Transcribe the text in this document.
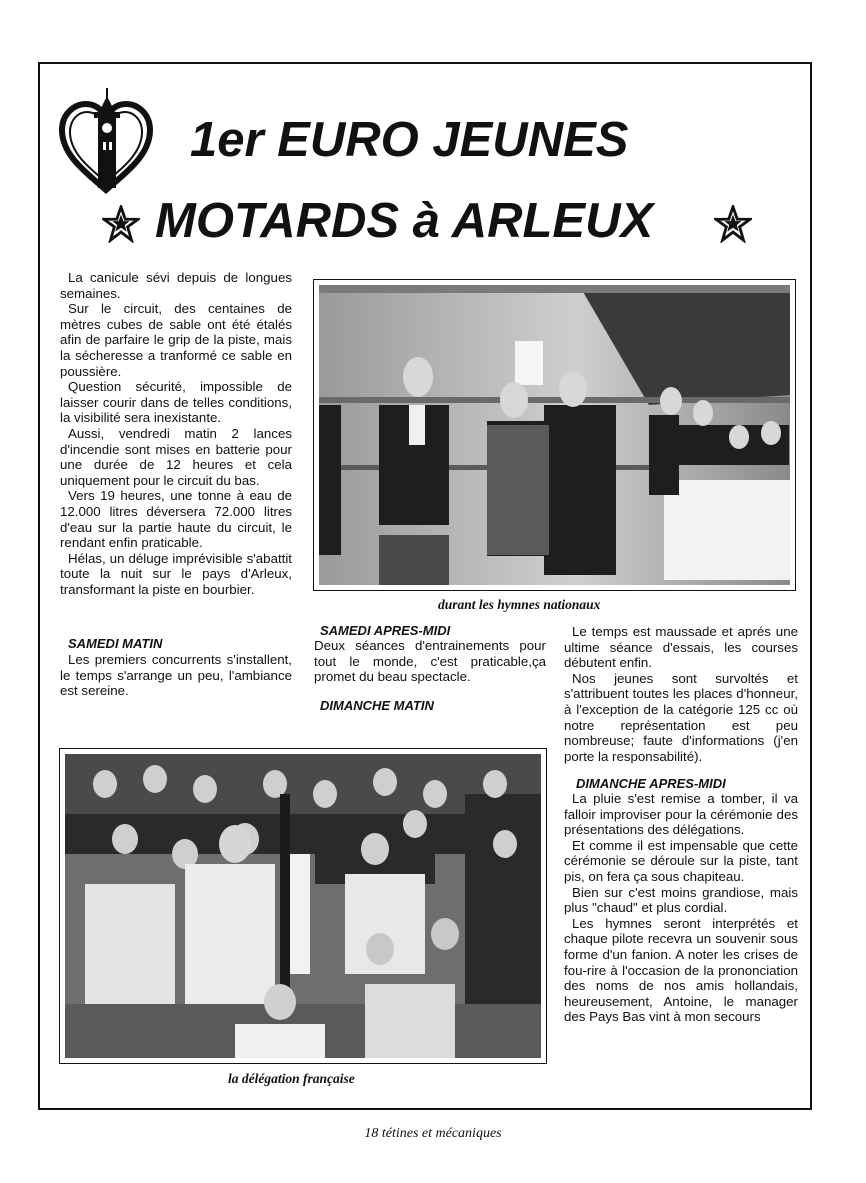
1er EURO JEUNES
MOTARDS à ARLEUX

La canicule sévi depuis de longues semaines.

Sur le circuit, des centaines de mètres cubes de sable ont été étalés afin de parfaire le grip de la piste, mais la sécheresse a tranformé ce sable en poussière.

Question sécurité, impossible de laisser courir dans de telles conditions, la visibilité sera inexistante.

Aussi, vendredi matin 2 lances d'incendie sont mises en batterie pour une durée de 12 heures et cela uniquement pour le circuit du bas.

Vers 19 heures, une tonne à eau de 12.000 litres déversera 72.000 litres d'eau sur la partie haute du circuit, le rendant enfin praticable.

Hélas, un déluge imprévisible s'abattit toute la nuit sur le pays d'Arleux, transformant la piste en bourbier.

durant les hymnes nationaux
SAMEDI MATIN

Les premiers concurrents s'installent, le temps s'arrange un peu, l'ambiance est sereine.

SAMEDI APRES-MIDI

Deux séances d'entrainements pour tout le monde, c'est praticable,ça promet du beau spectacle.

DIMANCHE MATIN

Le temps est maussade et aprés une ultime séance d'essais, les courses débutent enfin.

Nos jeunes sont survoltés et s'attribuent toutes les places d'honneur, à l'exception de la catégorie 125 cc où notre représentation est peu nombreuse; faute d'informations (j'en porte la responsabilité).

DIMANCHE APRES-MIDI

La pluie s'est remise a tomber, il va falloir improviser pour la cérémonie des présentations des délégations.

Et comme il est impensable que cette cérémonie se déroule sur la piste, tant pis, on fera ça sous chapiteau.

Bien sur c'est moins grandiose, mais plus "chaud" et plus cordial.

Les hymnes seront interprétés et chaque pilote recevra un souvenir sous forme d'un fanion. A noter les crises de fou-rire à l'occasion de la prononciation des noms de nos amis hollandais, heureusement, Antoine, le manager des Pays Bas vint à mon secours

la délégation française
18 tétines et mécaniques
